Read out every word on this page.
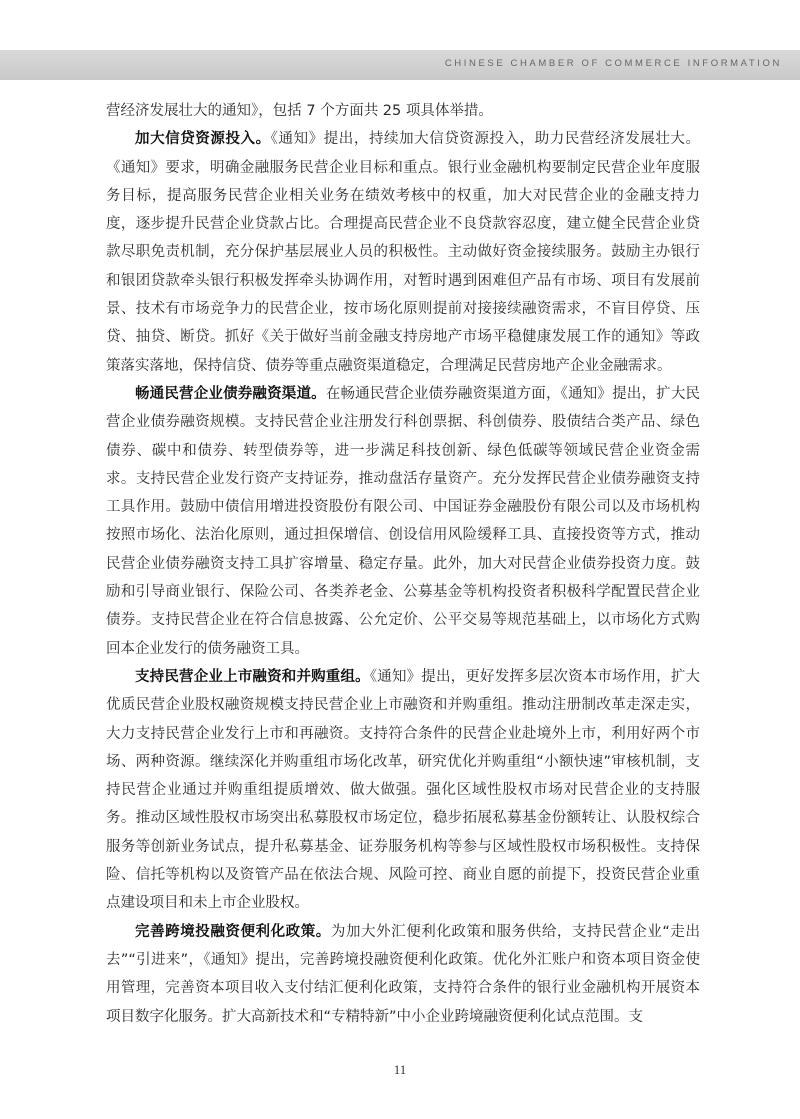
CHINESE CHAMBER OF COMMERCE INFORMATION

营经济发展壮大的通知》，包括 7 个方面共 25 项具体举措。

加大信贷资源投入。《通知》提出，持续加大信贷资源投入，助力民营经济发展壮大。《通知》要求，明确金融服务民营企业目标和重点。银行业金融机构要制定民营企业年度服务目标，提高服务民营企业相关业务在绩效考核中的权重，加大对民营企业的金融支持力度，逐步提升民营企业贷款占比。合理提高民营企业不良贷款容忍度，建立健全民营企业贷款尽职免责机制，充分保护基层展业人员的积极性。主动做好资金接续服务。鼓励主办银行和银团贷款牵头银行积极发挥牵头协调作用，对暂时遇到困难但产品有市场、项目有发展前景、技术有市场竞争力的民营企业，按市场化原则提前对接接续融资需求，不盲目停贷、压贷、抽贷、断贷。抓好《关于做好当前金融支持房地产市场平稳健康发展工作的通知》等政策落实落地，保持信贷、债券等重点融资渠道稳定，合理满足民营房地产企业金融需求。

畅通民营企业债券融资渠道。在畅通民营企业债券融资渠道方面，《通知》提出，扩大民营企业债券融资规模。支持民营企业注册发行科创票据、科创债券、股债结合类产品、绿色债券、碳中和债券、转型债券等，进一步满足科技创新、绿色低碳等领域民营企业资金需求。支持民营企业发行资产支持证券，推动盘活存量资产。充分发挥民营企业债券融资支持工具作用。鼓励中债信用增进投资股份有限公司、中国证券金融股份有限公司以及市场机构按照市场化、法治化原则，通过担保增信、创设信用风险缓释工具、直接投资等方式，推动民营企业债券融资支持工具扩容增量、稳定存量。此外，加大对民营企业债券投资力度。鼓励和引导商业银行、保险公司、各类养老金、公募基金等机构投资者积极科学配置民营企业债券。支持民营企业在符合信息披露、公允定价、公平交易等规范基础上，以市场化方式购回本企业发行的债务融资工具。

支持民营企业上市融资和并购重组。《通知》提出，更好发挥多层次资本市场作用，扩大优质民营企业股权融资规模支持民营企业上市融资和并购重组。推动注册制改革走深走实，大力支持民营企业发行上市和再融资。支持符合条件的民营企业赴境外上市，利用好两个市场、两种资源。继续深化并购重组市场化改革，研究优化并购重组“小额快速”审核机制，支持民营企业通过并购重组提质增效、做大做强。强化区域性股权市场对民营企业的支持服务。推动区域性股权市场突出私募股权市场定位，稳步拓展私募基金份额转让、认股权综合服务等创新业务试点，提升私募基金、证券服务机构等参与区域性股权市场积极性。支持保险、信托等机构以及资管产品在依法合规、风险可控、商业自愿的前提下，投资民营企业重点建设项目和未上市企业股权。

完善跨境投融资便利化政策。为加大外汇便利化政策和服务供给，支持民营企业“走出去”“引进来”，《通知》提出，完善跨境投融资便利化政策。优化外汇账户和资本项目资金使用管理，完善资本项目收入支付结汇便利化政策，支持符合条件的银行业金融机构开展资本项目数字化服务。扩大高新技术和“专精特新”中小企业跨境融资便利化试点范围。支

11
